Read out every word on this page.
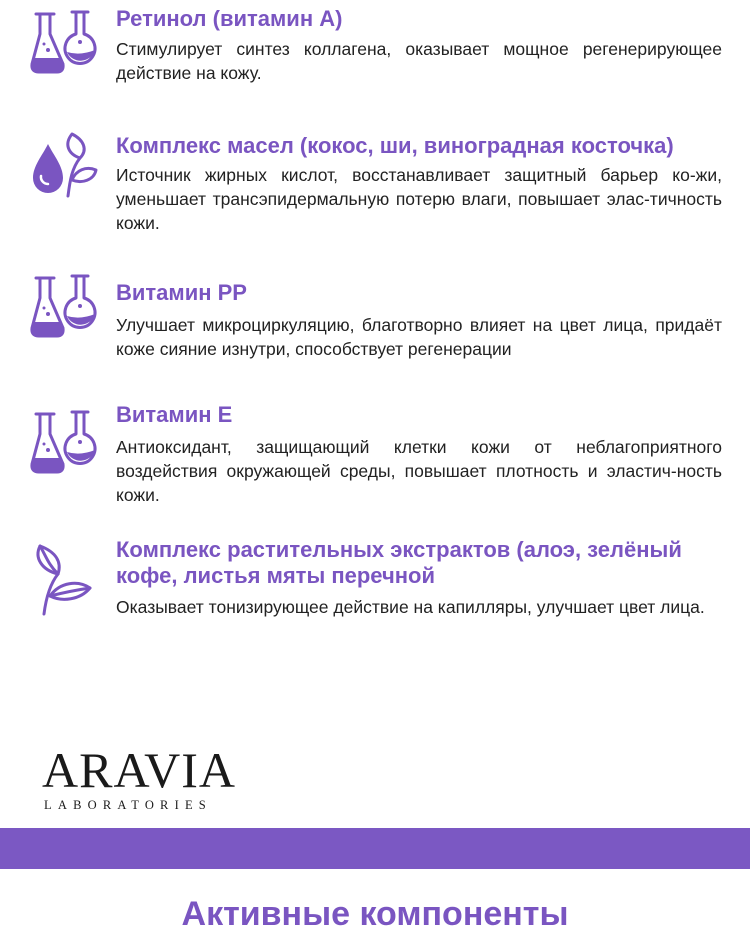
Ретинол (витамин А)

Стимулирует синтез коллагена, оказывает мощное регенерирующее действие на кожу.

Комплекс масел (кокос, ши, виноградная косточка)

Источник жирных кислот, восстанавливает защитный барьер ко-жи, уменьшает трансэпидермальную потерю влаги, повышает элас-тичность кожи.

Витамин РР

Улучшает микроциркуляцию, благотворно влияет на цвет лица, придаёт коже сияние изнутри, способствует регенерации

Витамин Е

Антиоксидант, защищающий клетки кожи от неблагоприятного воздействия окружающей среды, повышает плотность и эластич-ность кожи.

Комплекс растительных экстрактов (алоэ, зелёный кофе, листья мяты перечной

Оказывает тонизирующее действие на капилляры, улучшает цвет лица.

ARAVIA
LABORATORIES
Активные компоненты
